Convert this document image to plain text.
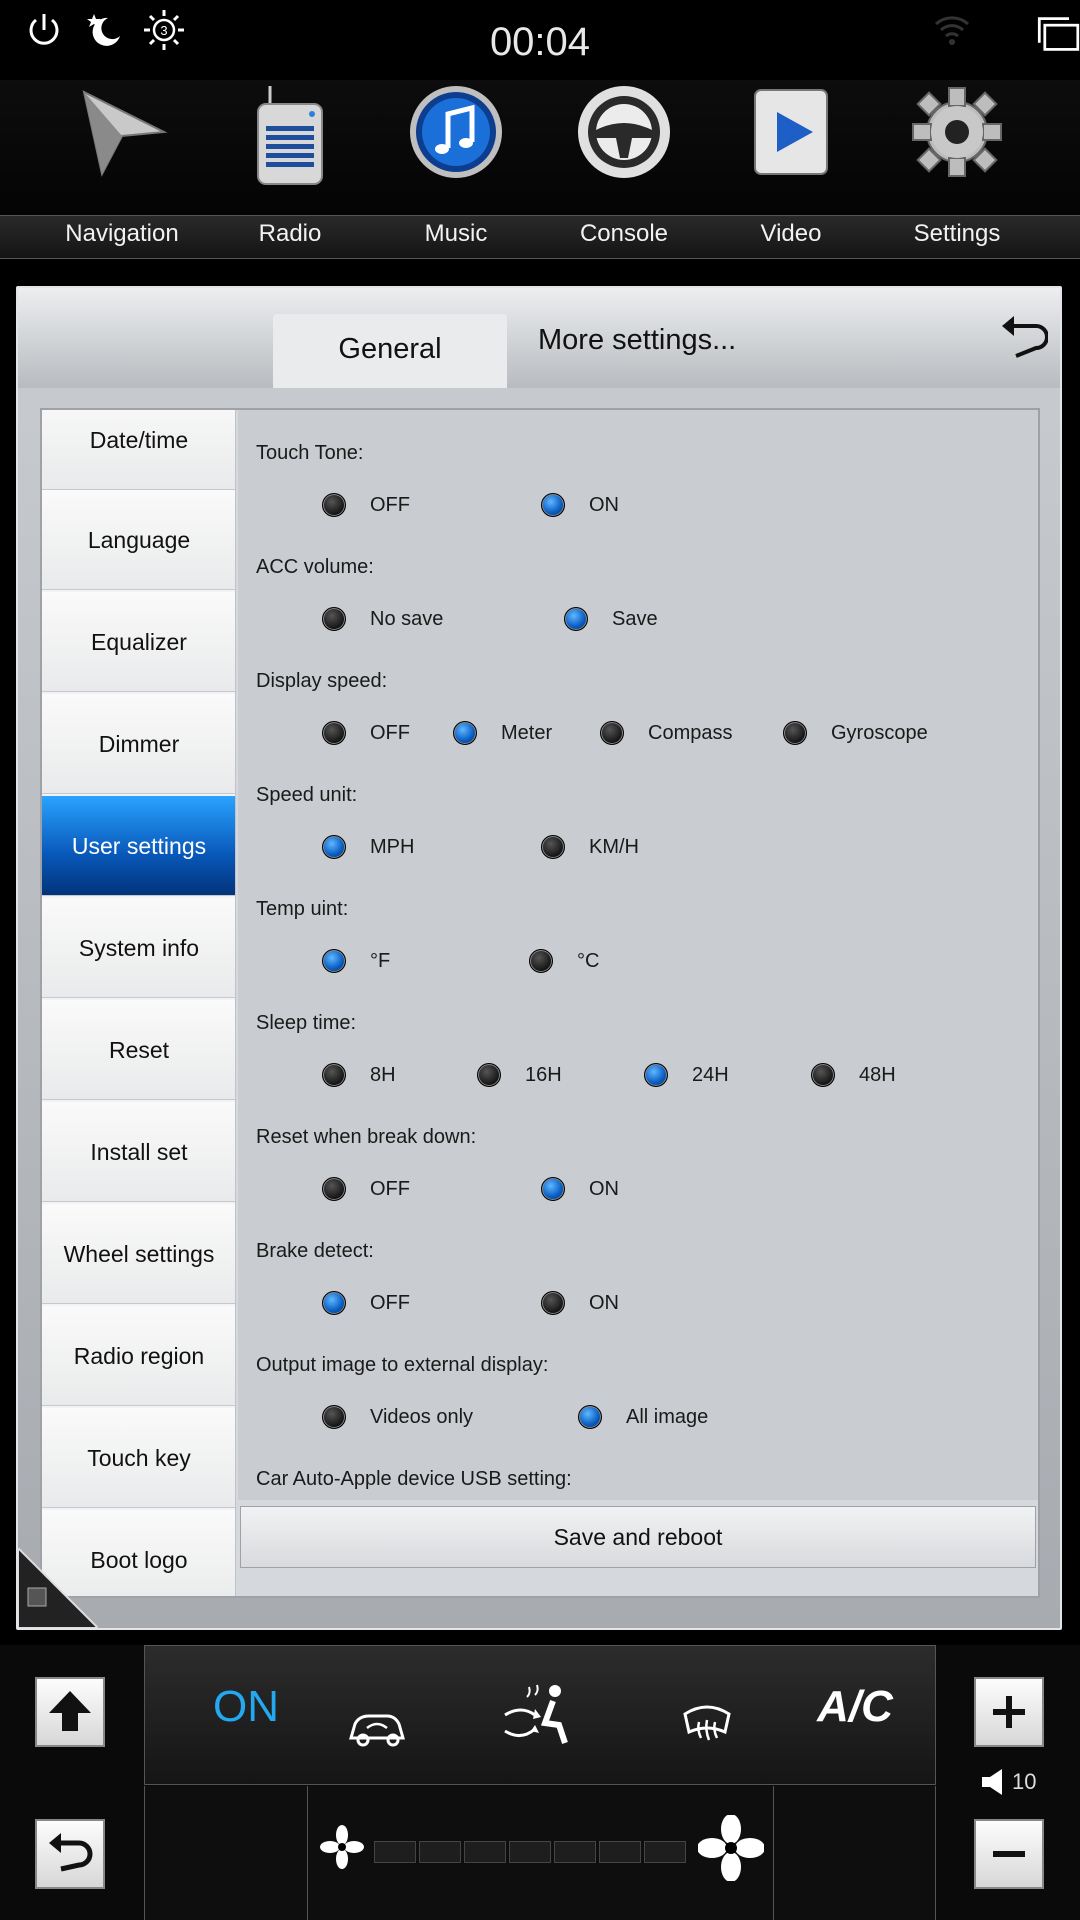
3	00:04
Navigation	Radio	Music	Console	Video	Settings
General	More settings...
Date/time
Language
Equalizer
Dimmer
User settings
System info
Reset
Install set
Wheel settings
Radio region
Touch key
Boot logo
Touch Tone:
OFF	ON
ACC volume:
No save	Save
Display speed:
OFF	Meter	Compass	Gyroscope
Speed unit:
MPH	KM/H
Temp uint:
°F	°C
Sleep time:
8H	16H	24H	48H
Reset when break down:
OFF	ON
Brake detect:
OFF	ON
Output image to external display:
Videos only	All image
Car Auto-Apple device USB setting:
Save and reboot
ON	A/C
10
